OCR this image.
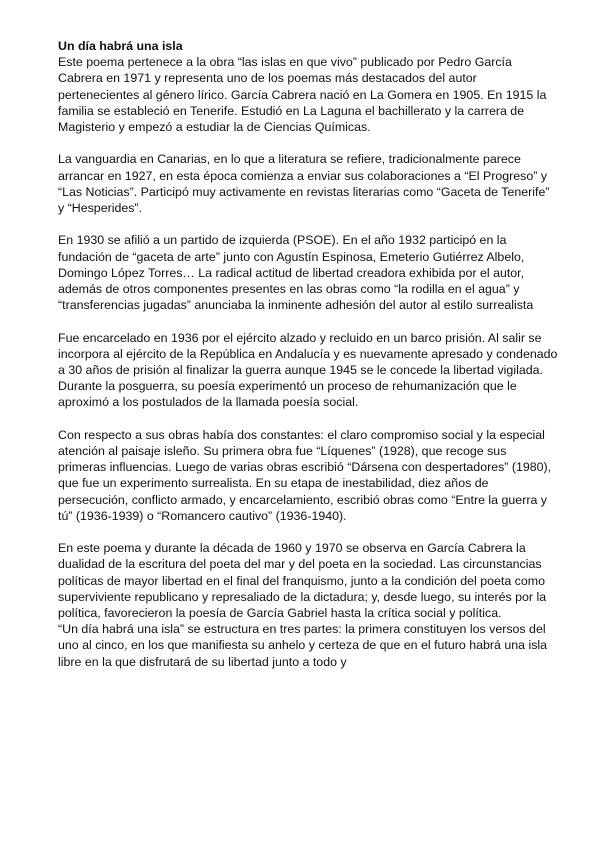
Un día habrá una isla

Este poema pertenece a la obra “las islas en que vivo” publicado por Pedro García Cabrera en 1971 y representa uno de los poemas más destacados del autor pertenecientes al género lírico. García Cabrera nació en La Gomera en 1905. En 1915 la familia se estableció en Tenerife. Estudió en La Laguna el bachillerato y la carrera de Magisterio y empezó a estudiar la de Ciencias Químicas.

La vanguardia en Canarias, en lo que a literatura se refiere, tradicionalmente parece arrancar en 1927, en esta época comienza a enviar sus colaboraciones a “El Progreso” y “Las Noticias”. Participó muy activamente en revistas literarias como “Gaceta de Tenerife” y “Hesperides”.

En 1930 se afilió a un partido de izquierda (PSOE). En el año 1932 participó en la fundación de “gaceta de arte” junto con Agustín Espinosa, Emeterio Gutiérrez Albelo, Domingo López Torres… La radical actitud de libertad creadora exhibida por el autor, además de otros componentes presentes en las obras como “la rodilla en el agua” y “transferencias jugadas” anunciaba la inminente adhesión del autor al estilo surrealista

Fue encarcelado en 1936 por el ejército alzado y recluido en un barco prisión. Al salir se incorpora al ejército de la República en Andalucía y es nuevamente apresado y condenado a 30 años de prisión al finalizar la guerra aunque 1945 se le concede la libertad vigilada. Durante la posguerra, su poesía experimentó un proceso de rehumanización que le aproximó a los postulados de la llamada poesía social.

Con respecto a sus obras había dos constantes: el claro compromiso social y la especial atención al paisaje isleño. Su primera obra fue “Líquenes” (1928), que recoge sus primeras influencias. Luego de varias obras escribió “Dársena con despertadores” (1980), que fue un experimento surrealista. En su etapa de inestabilidad, diez años de persecución, conflicto armado, y encarcelamiento, escribió obras como “Entre la guerra y tú” (1936-1939) o “Romancero cautivo” (1936-1940).

En este poema y durante la década de 1960 y 1970 se observa en García Cabrera la dualidad de la escritura del poeta del mar y del poeta en la sociedad. Las circunstancias políticas de mayor libertad en el final del franquismo, junto a la condición del poeta como superviviente republicano y represaliado de la dictadura; y, desde luego, su interés por la política, favorecieron la poesía de García Gabriel hasta la crítica social y política.

“Un día habrá una isla” se estructura en tres partes: la primera constituyen los versos del uno al cinco, en los que manifiesta su anhelo y certeza de que en el futuro habrá una isla libre en la que disfrutará de su libertad junto a todo y
